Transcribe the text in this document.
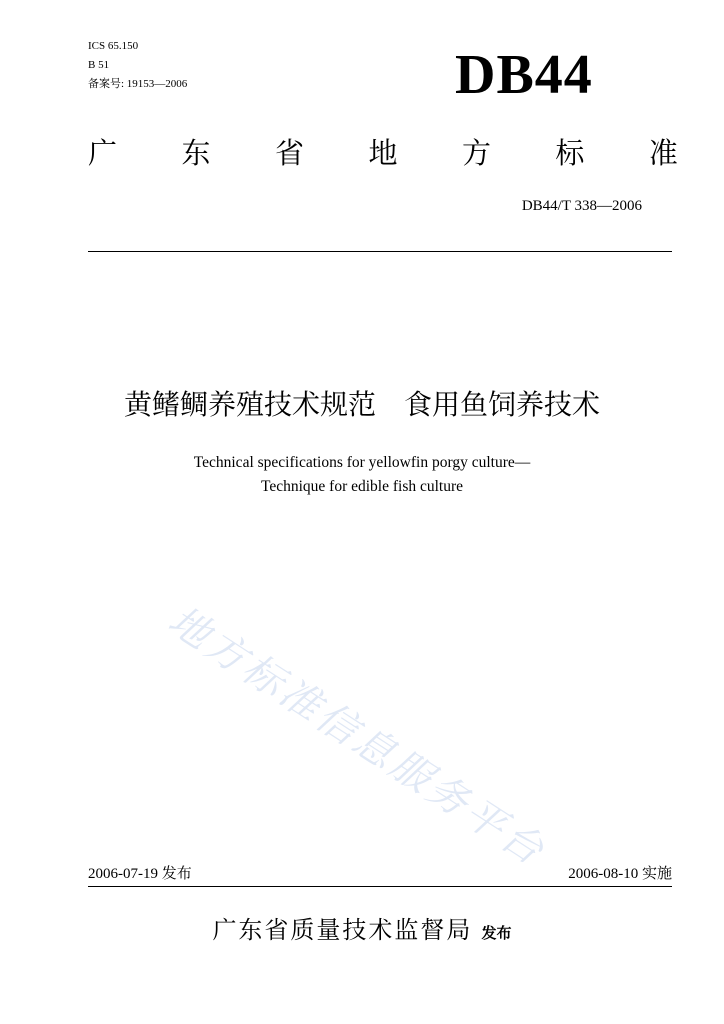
ICS 65.150
B 51
备案号: 19153—2006	DB44
广 东 省 地 方 标 准
DB44/T 338—2006
黄鳍鲷养殖技术规范　食用鱼饲养技术
Technical specifications for yellowfin porgy culture—
Technique for edible fish culture
地方标准信息服务平台
2006-07-19 发布	2006-08-10 实施
广东省质量技术监督局 发布
